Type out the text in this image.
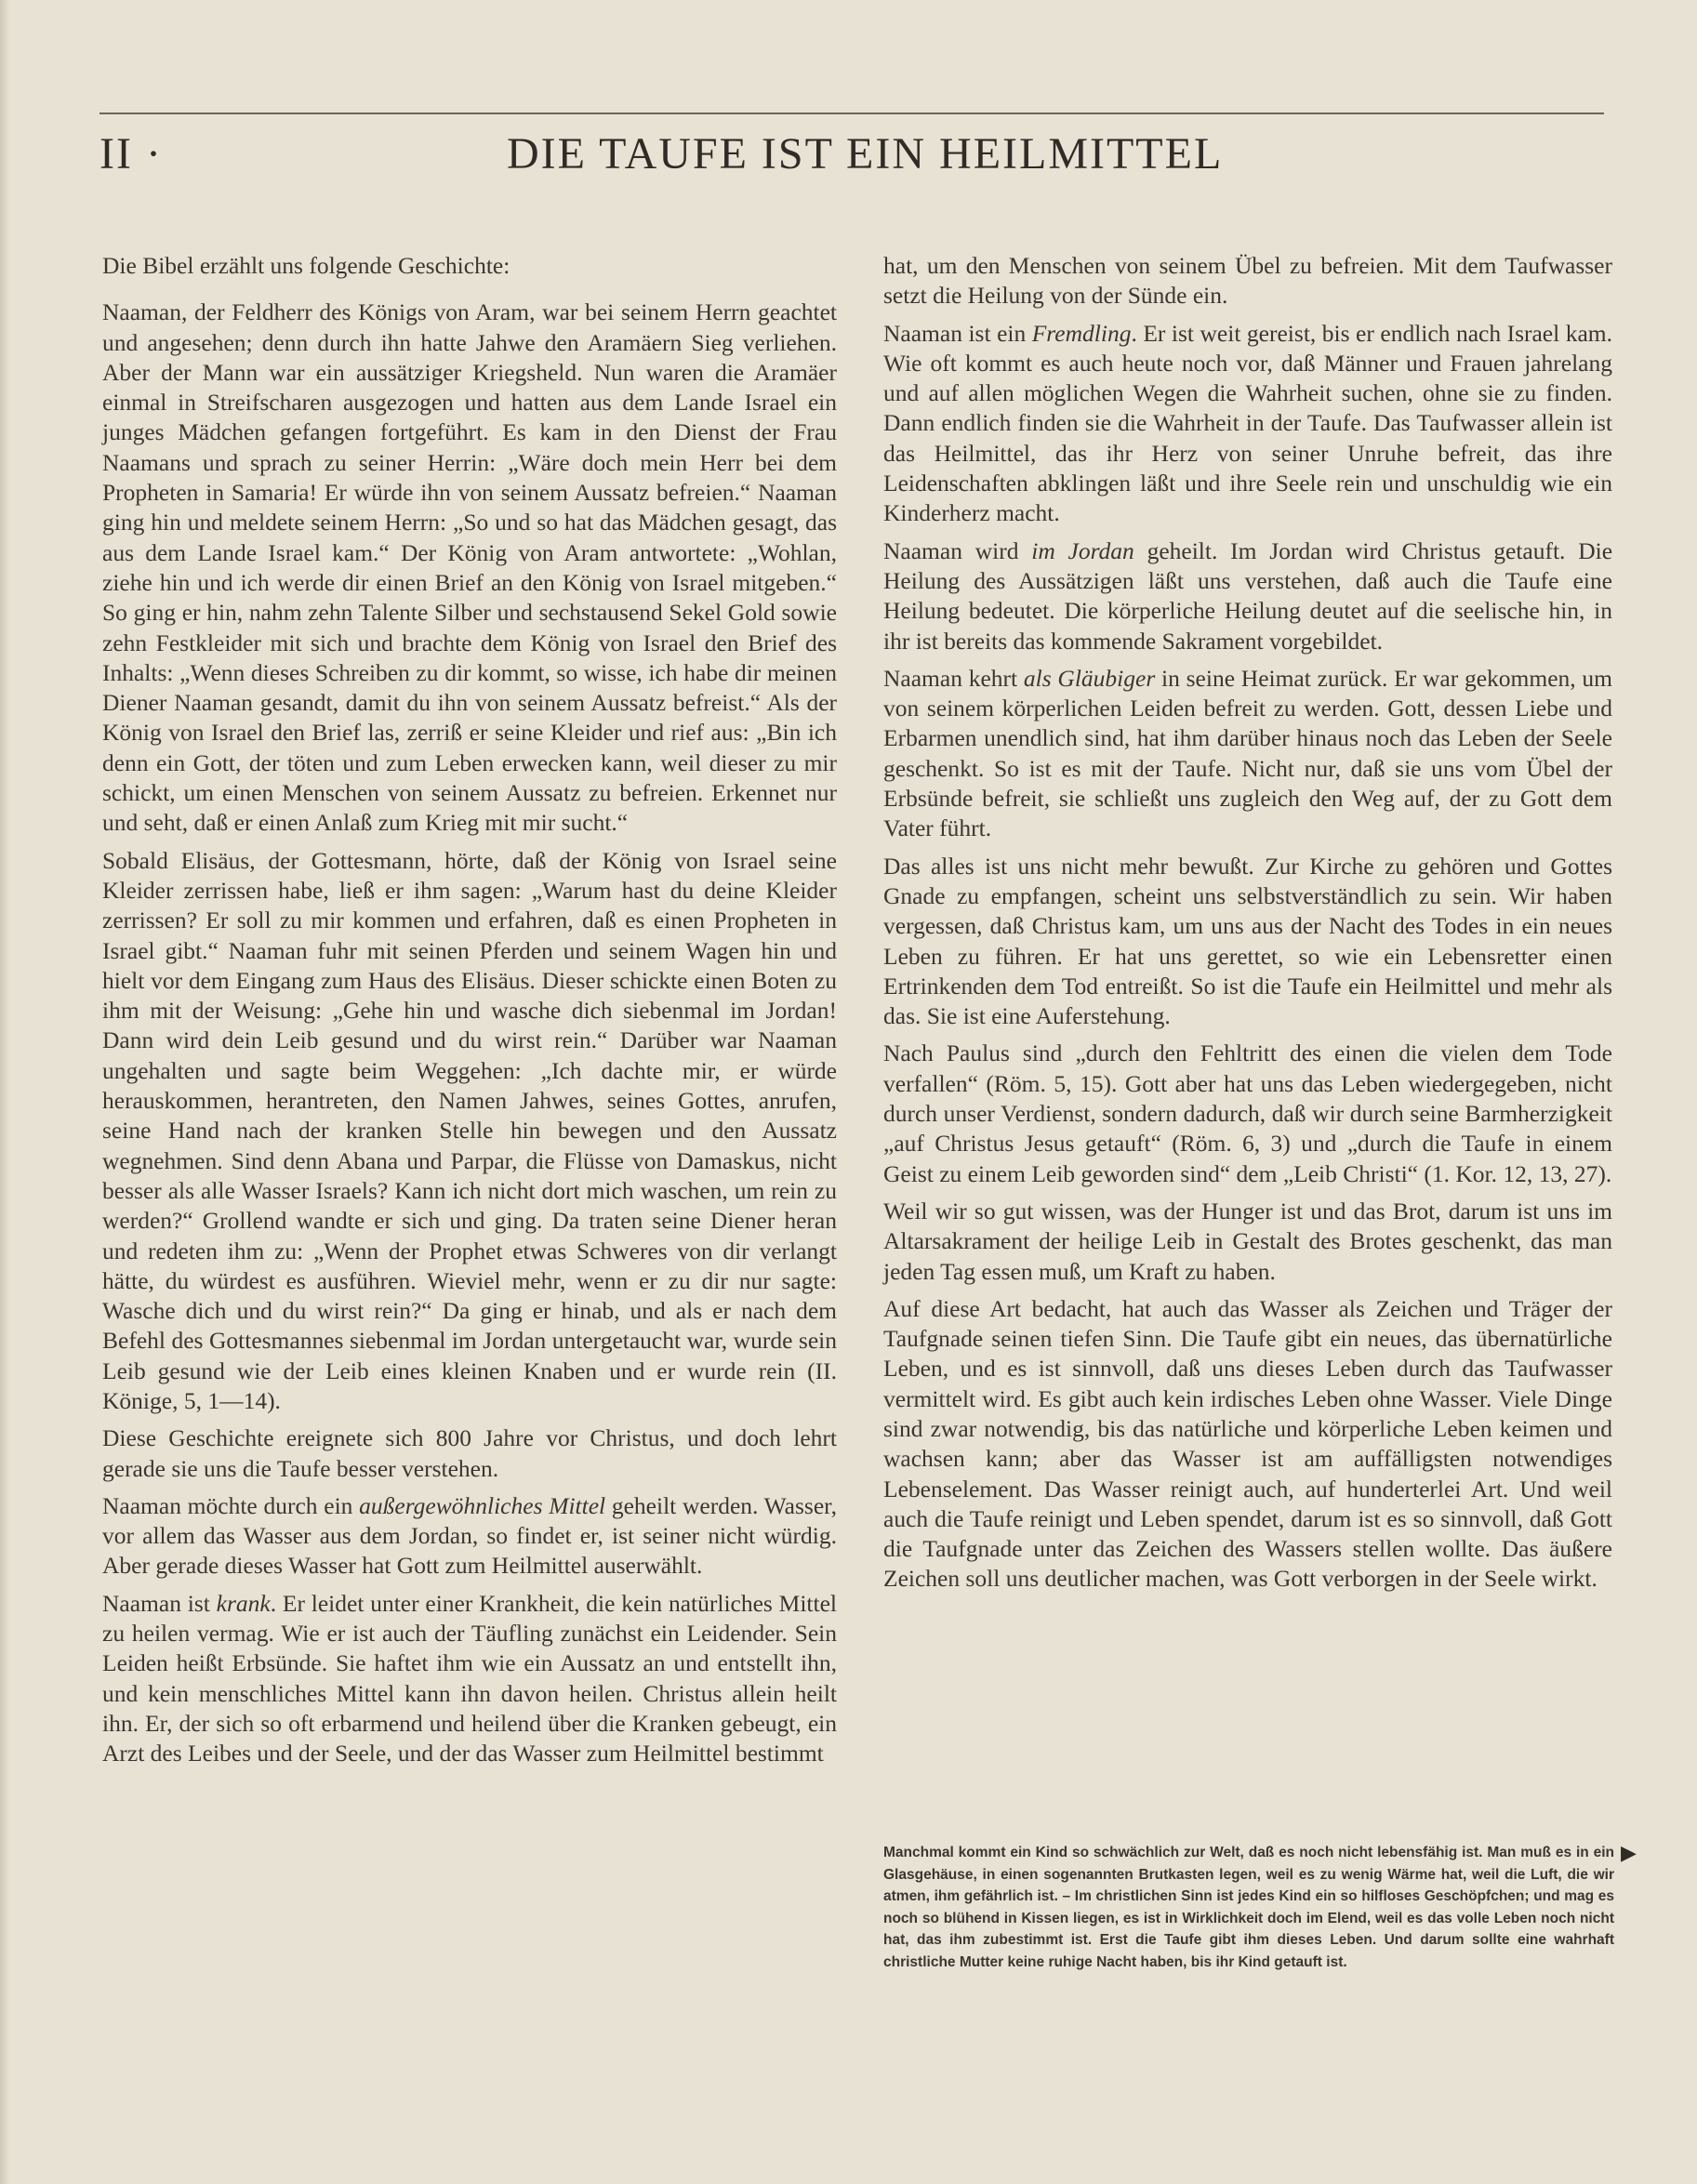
II ·	DIE TAUFE IST EIN HEILMITTEL

Die Bibel erzählt uns folgende Geschichte:

Naaman, der Feldherr des Königs von Aram, war bei seinem Herrn geachtet und angesehen; denn durch ihn hatte Jahwe den Aramäern Sieg verliehen. Aber der Mann war ein aussätziger Kriegsheld. Nun waren die Aramäer einmal in Streifscharen ausgezogen und hatten aus dem Lande Israel ein junges Mädchen gefangen fortgeführt. Es kam in den Dienst der Frau Naamans und sprach zu seiner Herrin: „Wäre doch mein Herr bei dem Propheten in Samaria! Er würde ihn von seinem Aussatz befreien.“ Naaman ging hin und meldete seinem Herrn: „So und so hat das Mädchen gesagt, das aus dem Lande Israel kam.“ Der König von Aram antwortete: „Wohlan, ziehe hin und ich werde dir einen Brief an den König von Israel mitgeben.“ So ging er hin, nahm zehn Talente Silber und sechstausend Sekel Gold sowie zehn Festkleider mit sich und brachte dem König von Israel den Brief des Inhalts: „Wenn dieses Schreiben zu dir kommt, so wisse, ich habe dir meinen Diener Naaman gesandt, damit du ihn von seinem Aussatz befreist.“ Als der König von Israel den Brief las, zerriß er seine Kleider und rief aus: „Bin ich denn ein Gott, der töten und zum Leben erwecken kann, weil dieser zu mir schickt, um einen Menschen von seinem Aussatz zu befreien. Erkennet nur und seht, daß er einen Anlaß zum Krieg mit mir sucht.“

Sobald Elisäus, der Gottesmann, hörte, daß der König von Israel seine Kleider zerrissen habe, ließ er ihm sagen: „Warum hast du deine Kleider zerrissen? Er soll zu mir kommen und erfahren, daß es einen Propheten in Israel gibt.“ Naaman fuhr mit seinen Pferden und seinem Wagen hin und hielt vor dem Eingang zum Haus des Elisäus. Dieser schickte einen Boten zu ihm mit der Weisung: „Gehe hin und wasche dich siebenmal im Jordan! Dann wird dein Leib gesund und du wirst rein.“ Darüber war Naaman ungehalten und sagte beim Weggehen: „Ich dachte mir, er würde herauskommen, herantreten, den Namen Jahwes, seines Gottes, anrufen, seine Hand nach der kranken Stelle hin bewegen und den Aussatz wegnehmen. Sind denn Abana und Parpar, die Flüsse von Damaskus, nicht besser als alle Wasser Israels? Kann ich nicht dort mich waschen, um rein zu werden?“ Grollend wandte er sich und ging. Da traten seine Diener heran und redeten ihm zu: „Wenn der Prophet etwas Schweres von dir verlangt hätte, du würdest es ausführen. Wieviel mehr, wenn er zu dir nur sagte: Wasche dich und du wirst rein?“ Da ging er hinab, und als er nach dem Befehl des Gottesmannes siebenmal im Jordan untergetaucht war, wurde sein Leib gesund wie der Leib eines kleinen Knaben und er wurde rein (II. Könige, 5, 1—14).

Diese Geschichte ereignete sich 800 Jahre vor Christus, und doch lehrt gerade sie uns die Taufe besser verstehen.

Naaman möchte durch ein außergewöhnliches Mittel geheilt werden. Wasser, vor allem das Wasser aus dem Jordan, so findet er, ist seiner nicht würdig. Aber gerade dieses Wasser hat Gott zum Heilmittel auserwählt.

Naaman ist krank. Er leidet unter einer Krankheit, die kein natürliches Mittel zu heilen vermag. Wie er ist auch der Täufling zunächst ein Leidender. Sein Leiden heißt Erbsünde. Sie haftet ihm wie ein Aussatz an und entstellt ihn, und kein menschliches Mittel kann ihn davon heilen. Christus allein heilt ihn. Er, der sich so oft erbarmend und heilend über die Kranken gebeugt, ein Arzt des Leibes und der Seele, und der das Wasser zum Heilmittel bestimmt

hat, um den Menschen von seinem Übel zu befreien. Mit dem Taufwasser setzt die Heilung von der Sünde ein.

Naaman ist ein Fremdling. Er ist weit gereist, bis er endlich nach Israel kam. Wie oft kommt es auch heute noch vor, daß Männer und Frauen jahrelang und auf allen möglichen Wegen die Wahrheit suchen, ohne sie zu finden. Dann endlich finden sie die Wahrheit in der Taufe. Das Taufwasser allein ist das Heilmittel, das ihr Herz von seiner Unruhe befreit, das ihre Leidenschaften abklingen läßt und ihre Seele rein und unschuldig wie ein Kinderherz macht.

Naaman wird im Jordan geheilt. Im Jordan wird Christus getauft. Die Heilung des Aussätzigen läßt uns verstehen, daß auch die Taufe eine Heilung bedeutet. Die körperliche Heilung deutet auf die seelische hin, in ihr ist bereits das kommende Sakrament vorgebildet.

Naaman kehrt als Gläubiger in seine Heimat zurück. Er war gekommen, um von seinem körperlichen Leiden befreit zu werden. Gott, dessen Liebe und Erbarmen unendlich sind, hat ihm darüber hinaus noch das Leben der Seele geschenkt. So ist es mit der Taufe. Nicht nur, daß sie uns vom Übel der Erbsünde befreit, sie schließt uns zugleich den Weg auf, der zu Gott dem Vater führt.

Das alles ist uns nicht mehr bewußt. Zur Kirche zu gehören und Gottes Gnade zu empfangen, scheint uns selbstverständlich zu sein. Wir haben vergessen, daß Christus kam, um uns aus der Nacht des Todes in ein neues Leben zu führen. Er hat uns gerettet, so wie ein Lebensretter einen Ertrinkenden dem Tod entreißt. So ist die Taufe ein Heilmittel und mehr als das. Sie ist eine Auferstehung.

Nach Paulus sind „durch den Fehltritt des einen die vielen dem Tode verfallen“ (Röm. 5, 15). Gott aber hat uns das Leben wiedergegeben, nicht durch unser Verdienst, sondern dadurch, daß wir durch seine Barmherzigkeit „auf Christus Jesus getauft“ (Röm. 6, 3) und „durch die Taufe in einem Geist zu einem Leib geworden sind“ dem „Leib Christi“ (1. Kor. 12, 13, 27).

Weil wir so gut wissen, was der Hunger ist und das Brot, darum ist uns im Altarsakrament der heilige Leib in Gestalt des Brotes geschenkt, das man jeden Tag essen muß, um Kraft zu haben.

Auf diese Art bedacht, hat auch das Wasser als Zeichen und Träger der Taufgnade seinen tiefen Sinn. Die Taufe gibt ein neues, das übernatürliche Leben, und es ist sinnvoll, daß uns dieses Leben durch das Taufwasser vermittelt wird. Es gibt auch kein irdisches Leben ohne Wasser. Viele Dinge sind zwar notwendig, bis das natürliche und körperliche Leben keimen und wachsen kann; aber das Wasser ist am auffälligsten notwendiges Lebenselement. Das Wasser reinigt auch, auf hunderterlei Art. Und weil auch die Taufe reinigt und Leben spendet, darum ist es so sinnvoll, daß Gott die Taufgnade unter das Zeichen des Wassers stellen wollte. Das äußere Zeichen soll uns deutlicher machen, was Gott verborgen in der Seele wirkt.

Manchmal kommt ein Kind so schwächlich zur Welt, daß es noch nicht lebensfähig ist. Man muß es in ein Glasgehäuse, in einen sogenannten Brutkasten legen, weil es zu wenig Wärme hat, weil die Luft, die wir atmen, ihm gefährlich ist. – Im christlichen Sinn ist jedes Kind ein so hilfloses Geschöpfchen; und mag es noch so blühend in Kissen liegen, es ist in Wirklichkeit doch im Elend, weil es das volle Leben noch nicht hat, das ihm zubestimmt ist. Erst die Taufe gibt ihm dieses Leben. Und darum sollte eine wahrhaft christliche Mutter keine ruhige Nacht haben, bis ihr Kind getauft ist.
▶
